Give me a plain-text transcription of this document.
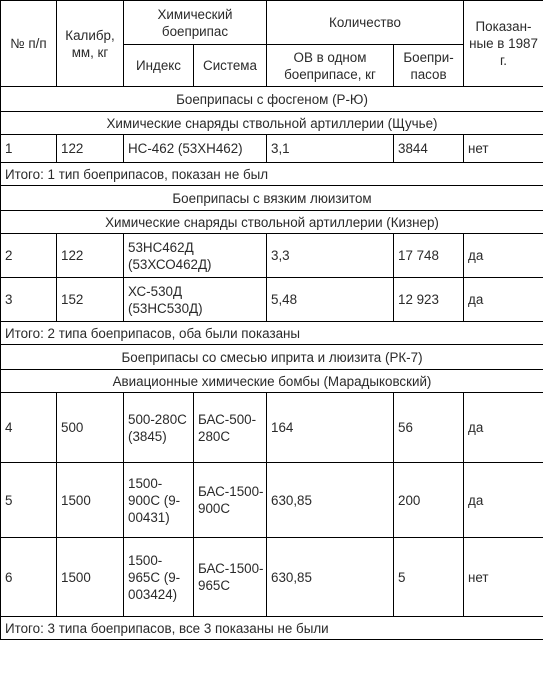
№ п/п	Калибр, мм, кг	Химический боеприпас		Количество		Показанные в 1987 г.
		Индекс	Система	ОВ в одном боеприпасе, кг	Боеприпасов	
Боеприпасы с фосгеном (Р-Ю)						
Химические снаряды ствольной артиллерии (Щучье)						
1	122	НС-462 (53ХН462)		3,1	3844	нет
Итого: 1 тип боеприпасов, показан не был						
Боеприпасы с вязким люизитом						
Химические снаряды ствольной артиллерии (Кизнер)						
2	122	53НС462Д (53ХСО462Д)		3,3	17 748	да
3	152	ХС-530Д (53НС530Д)		5,48	12 923	да
Итого: 2 типа боеприпасов, оба были показаны						
Боеприпасы со смесью иприта и люизита (РК-7)						
Авиационные химические бомбы (Марадыковский)						
4	500	500-280С (3845)	БАС-500-280С	164	56	да
5	1500	1500-900С (9-00431)	БАС-1500-900С	630,85	200	да
6	1500	1500-965С (9-003424)	БАС-1500-965С	630,85	5	нет
Итого: 3 типа боеприпасов, все 3 показаны не были						
